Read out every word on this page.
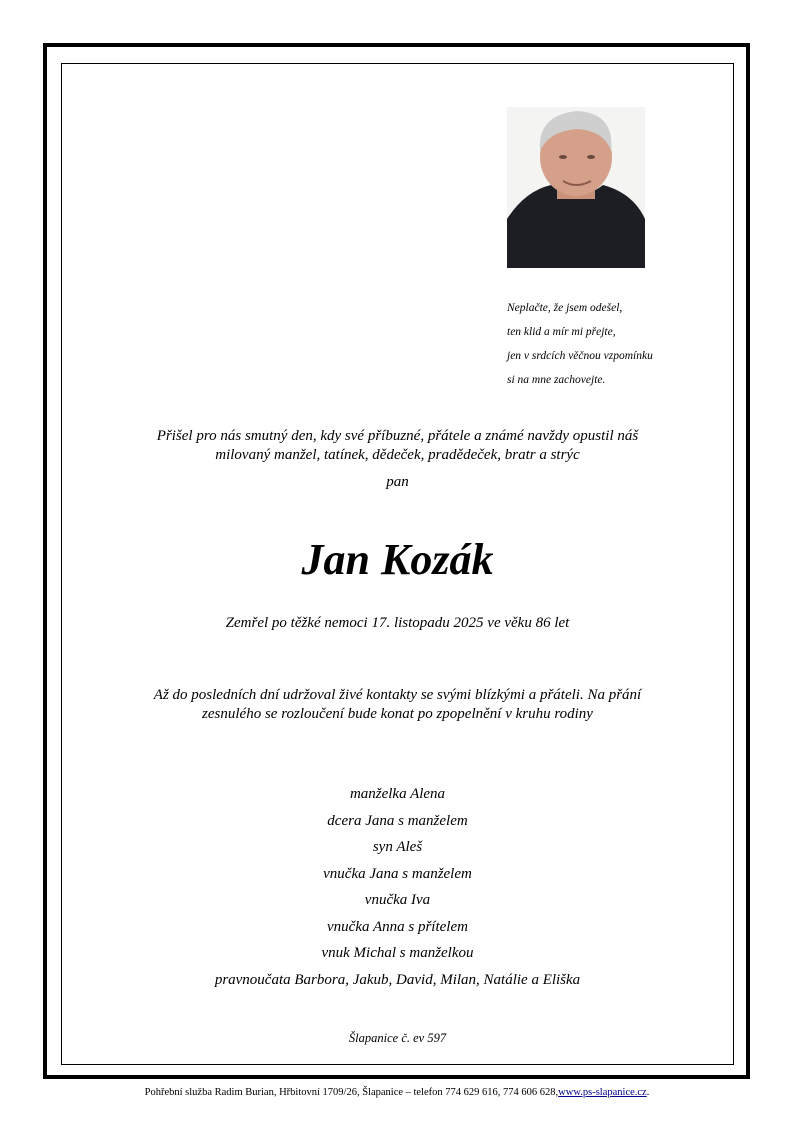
Neplačte, že jsem odešel,
ten klid a mír mi přejte,
jen v srdcích věčnou vzpomínku
si na mne zachovejte.
Přišel pro nás smutný den, kdy své příbuzné, přátele a známé navždy opustil náš
milovaný manžel, tatínek, dědeček, pradědeček, bratr a strýc
pan
Jan Kozák
Zemřel po těžké nemoci 17. listopadu 2025 ve věku 86 let
Až do posledních dní udržoval živé kontakty se svými blízkými a přáteli. Na přání
zesnulého se rozloučení bude konat po zpopelnění v kruhu rodiny
manželka Alena
dcera Jana s manželem
syn Aleš
vnučka Jana s manželem
vnučka Iva
vnučka Anna s přítelem
vnuk Michal s manželkou
pravnoučata Barbora, Jakub, David, Milan, Natálie a Eliška
Šlapanice č. ev 597
Pohřební služba Radim Burian, Hřbitovní 1709/26, Šlapanice – telefon 774 629 616, 774 606 628,www.ps-slapanice.cz.
